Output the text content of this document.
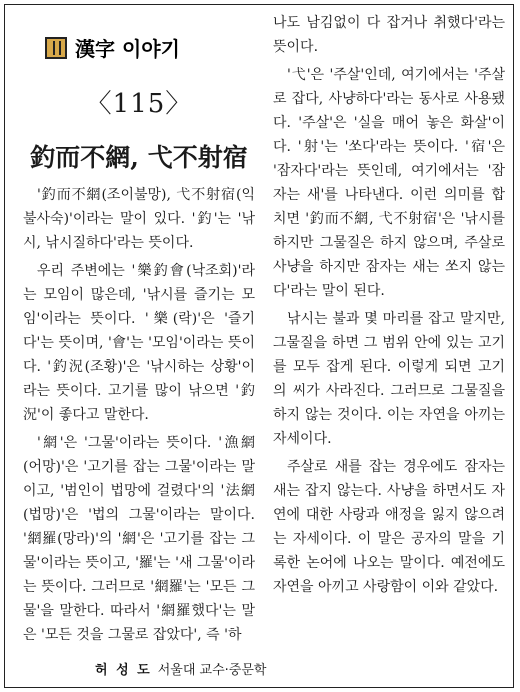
漢字 이야기
〈115〉
釣而不網, 弋不射宿

'釣而不網(조이불망), 弋不射宿(익불사숙)'이라는 말이 있다. '釣'는 '낚시, 낚시질하다'라는 뜻이다.

우리 주변에는 '樂釣會(낙조회)'라는 모임이 많은데, '낚시를 즐기는 모임'이라는 뜻이다. '樂(락)'은 '즐기다'는 뜻이며, '會'는 '모임'이라는 뜻이다. '釣況(조황)'은 '낚시하는 상황'이라는 뜻이다. 고기를 많이 낚으면 '釣況'이 좋다고 말한다.

'網'은 '그물'이라는 뜻이다. '漁網(어망)'은 '고기를 잡는 그물'이라는 말이고, '범인이 법망에 걸렸다'의 '法網(법망)'은 '법의 그물'이라는 말이다. '網羅(망라)'의 '網'은 '고기를 잡는 그물'이라는 뜻이고, '羅'는 '새 그물'이라는 뜻이다. 그러므로 '網羅'는 '모든 그물'을 말한다. 따라서 '網羅했다'는 말은 '모든 것을 그물로 잡았다', 즉 '하

나도 남김없이 다 잡거나 취했다'라는 뜻이다.

'弋'은 '주살'인데, 여기에서는 '주살로 잡다, 사냥하다'라는 동사로 사용됐다. '주살'은 '실을 매어 놓은 화살'이다. '射'는 '쏘다'라는 뜻이다. '宿'은 '잠자다'라는 뜻인데, 여기에서는 '잠자는 새'를 나타낸다. 이런 의미를 합치면 '釣而不網, 弋不射宿'은 '낚시를 하지만 그물질은 하지 않으며, 주살로 사냥을 하지만 잠자는 새는 쏘지 않는다'라는 말이 된다.

낚시는 불과 몇 마리를 잡고 말지만, 그물질을 하면 그 범위 안에 있는 고기를 모두 잡게 된다. 이렇게 되면 고기의 씨가 사라진다. 그러므로 그물질을 하지 않는 것이다. 이는 자연을 아끼는 자세이다.

주살로 새를 잡는 경우에도 잠자는 새는 잡지 않는다. 사냥을 하면서도 자연에 대한 사랑과 애정을 잃지 않으려는 자세이다. 이 말은 공자의 말을 기록한 논어에 나오는 말이다. 예전에도 자연을 아끼고 사랑함이 이와 같았다.

허 성 도 서울대 교수·중문학
